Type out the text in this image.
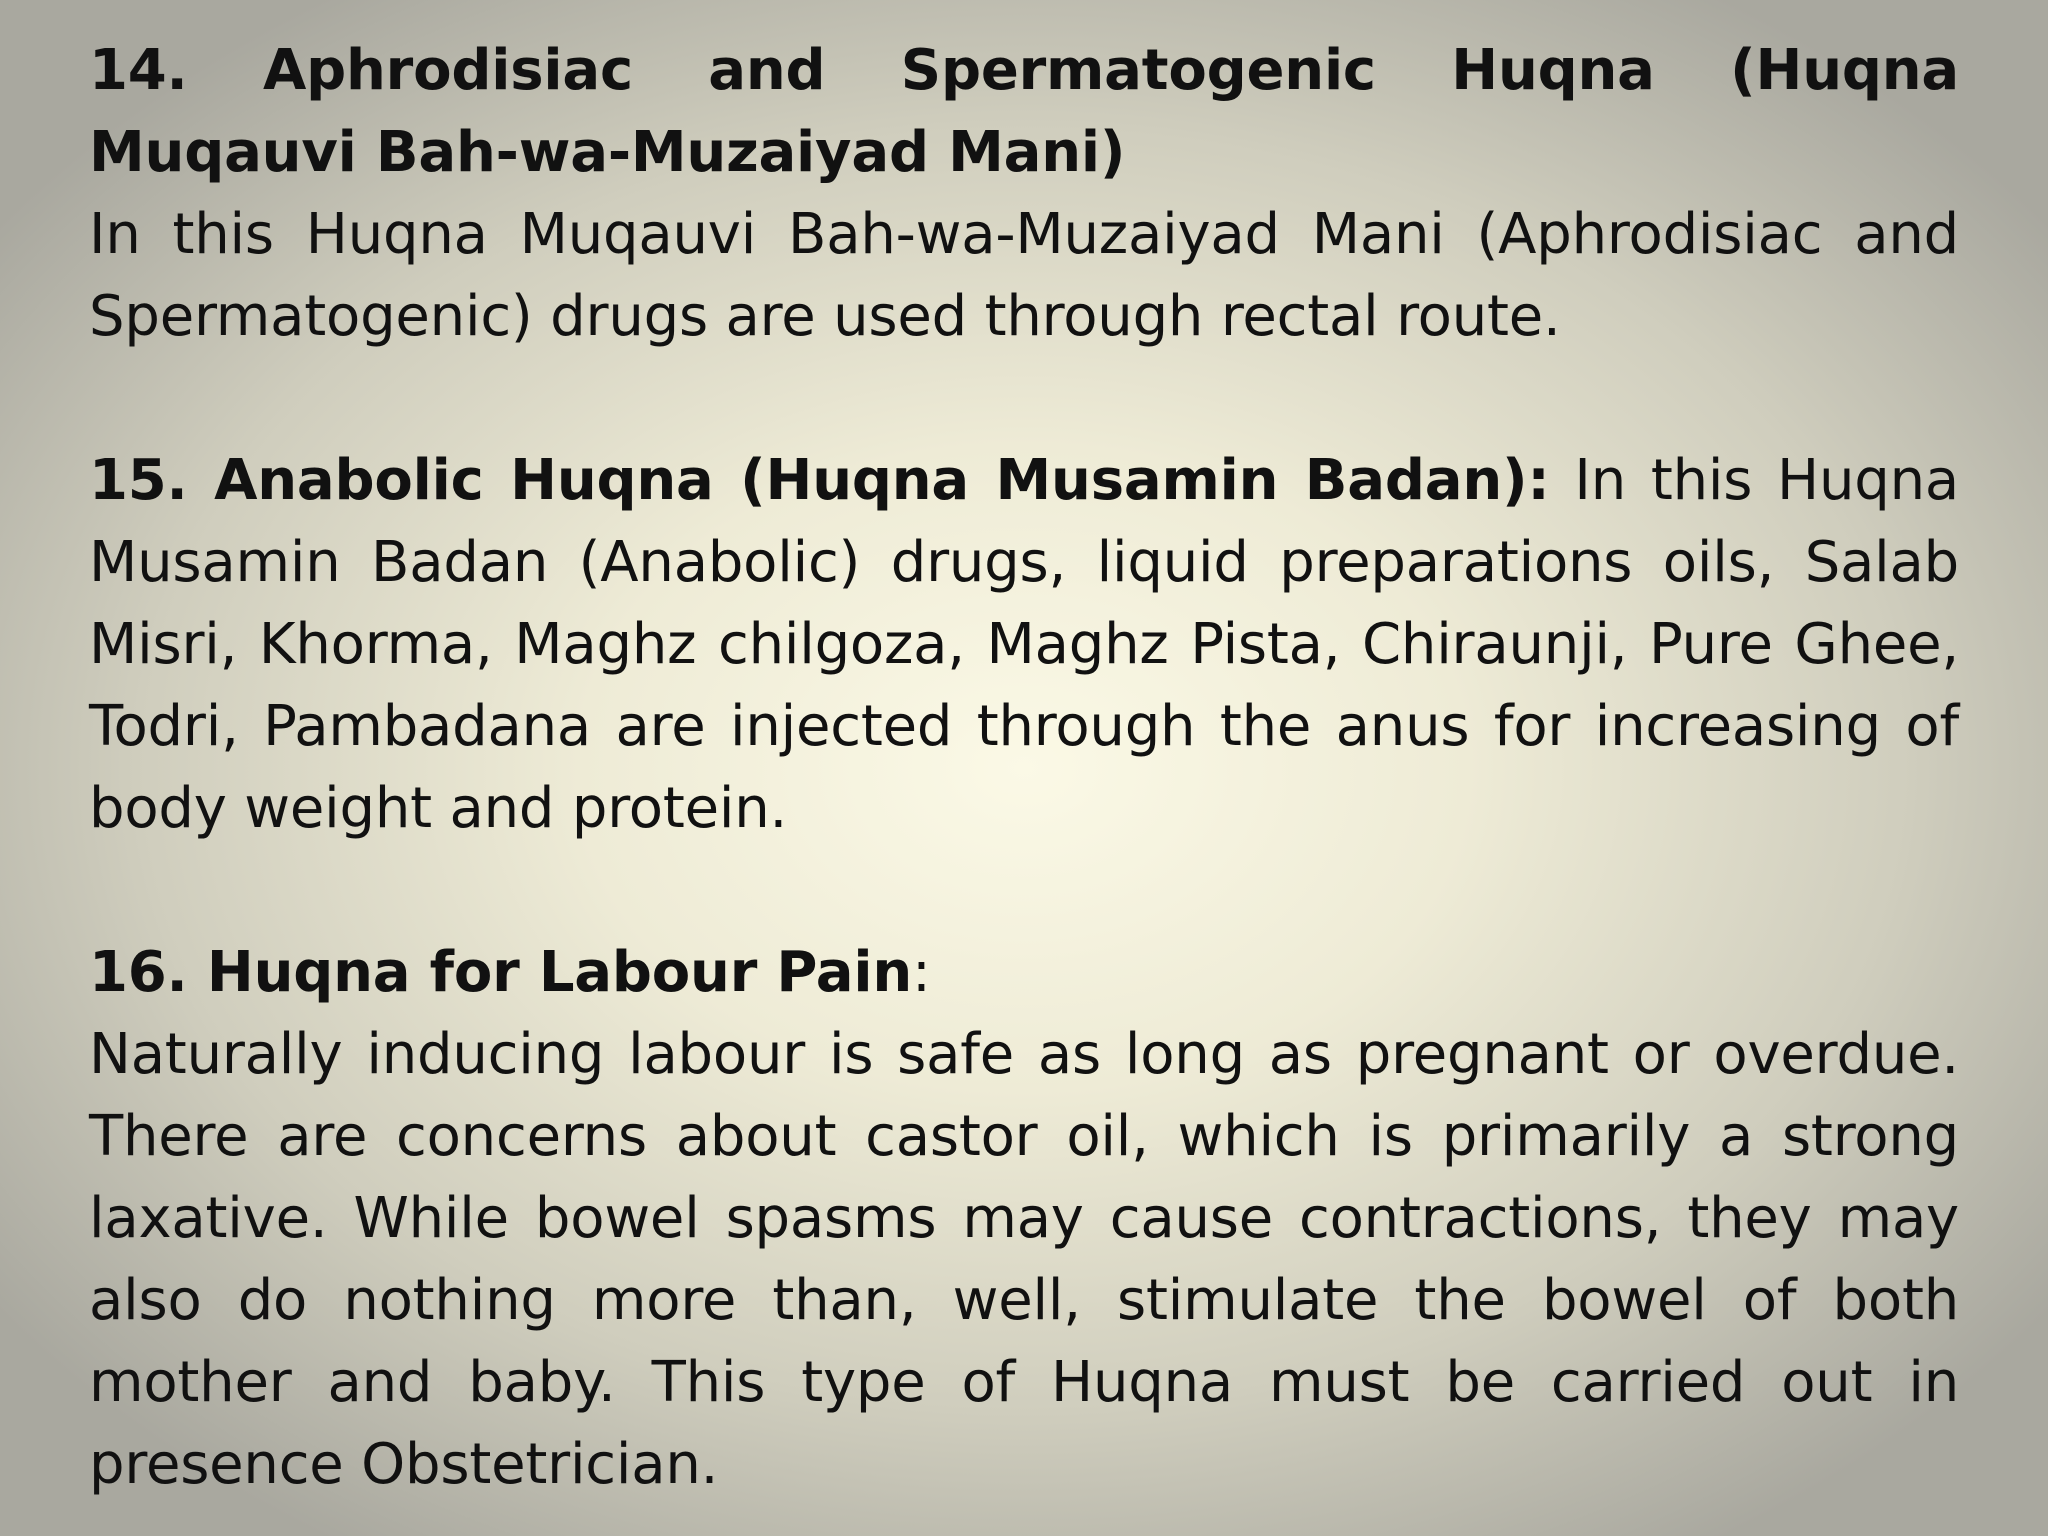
14. Aphrodisiac and Spermatogenic Huqna (Huqna Muqauvi Bah-wa-Muzaiyad Mani)

In this Huqna Muqauvi Bah-wa-Muzaiyad Mani (Aphrodisiac and Spermatogenic) drugs are used through rectal route.

15. Anabolic Huqna (Huqna Musamin Badan): In this Huqna Musamin Badan (Anabolic) drugs, liquid preparations oils, Salab Misri, Khorma, Maghz chilgoza, Maghz Pista, Chiraunji, Pure Ghee, Todri, Pambadana are injected through the anus for increasing of body weight and protein.

16. Huqna for Labour Pain:

Naturally inducing labour is safe as long as pregnant or overdue. There are concerns about castor oil, which is primarily a strong laxative. While bowel spasms may cause contractions, they may also do nothing more than, well, stimulate the bowel of both mother and baby. This type of Huqna must be carried out in presence Obstetrician.
